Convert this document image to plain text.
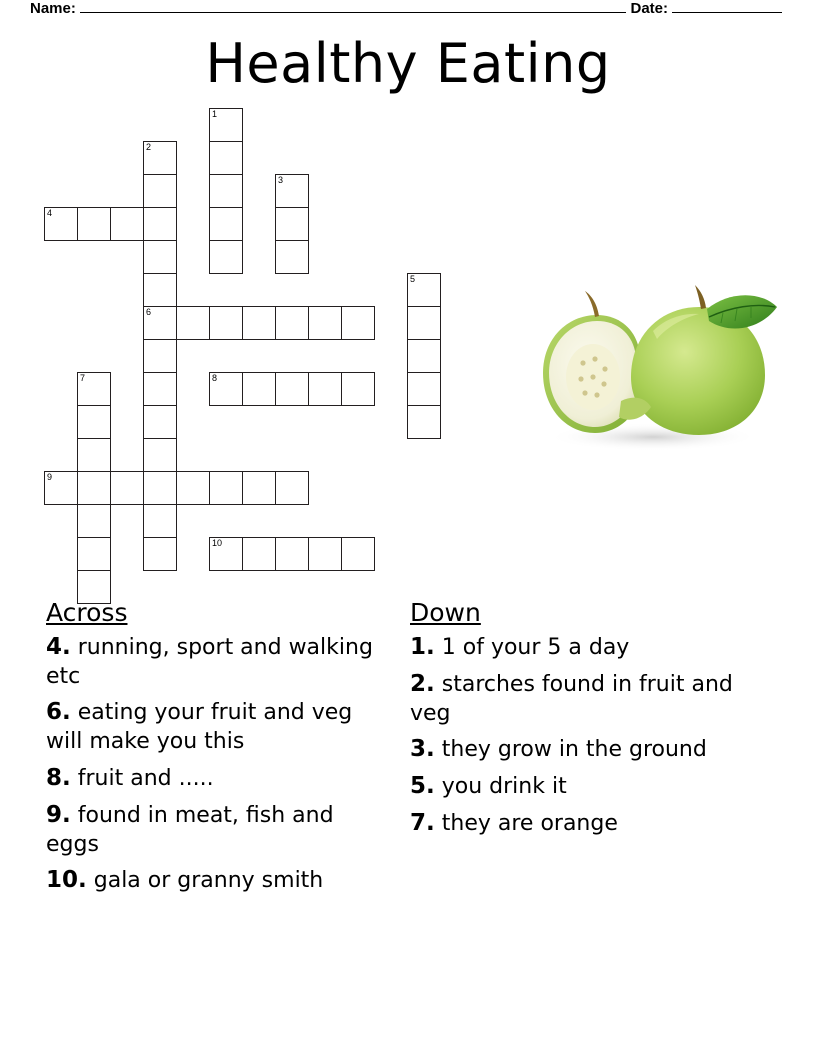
Name:	Date:
Healthy Eating
1
2
3
4
5
6
7	8
9
10
Across
4. running, sport and walking etc
6. eating your fruit and veg will make you this
8. fruit and .....
9. found in meat, fish and eggs
10. gala or granny smith
Down
1. 1 of your 5 a day
2. starches found in fruit and veg
3. they grow in the ground
5. you drink it
7. they are orange
